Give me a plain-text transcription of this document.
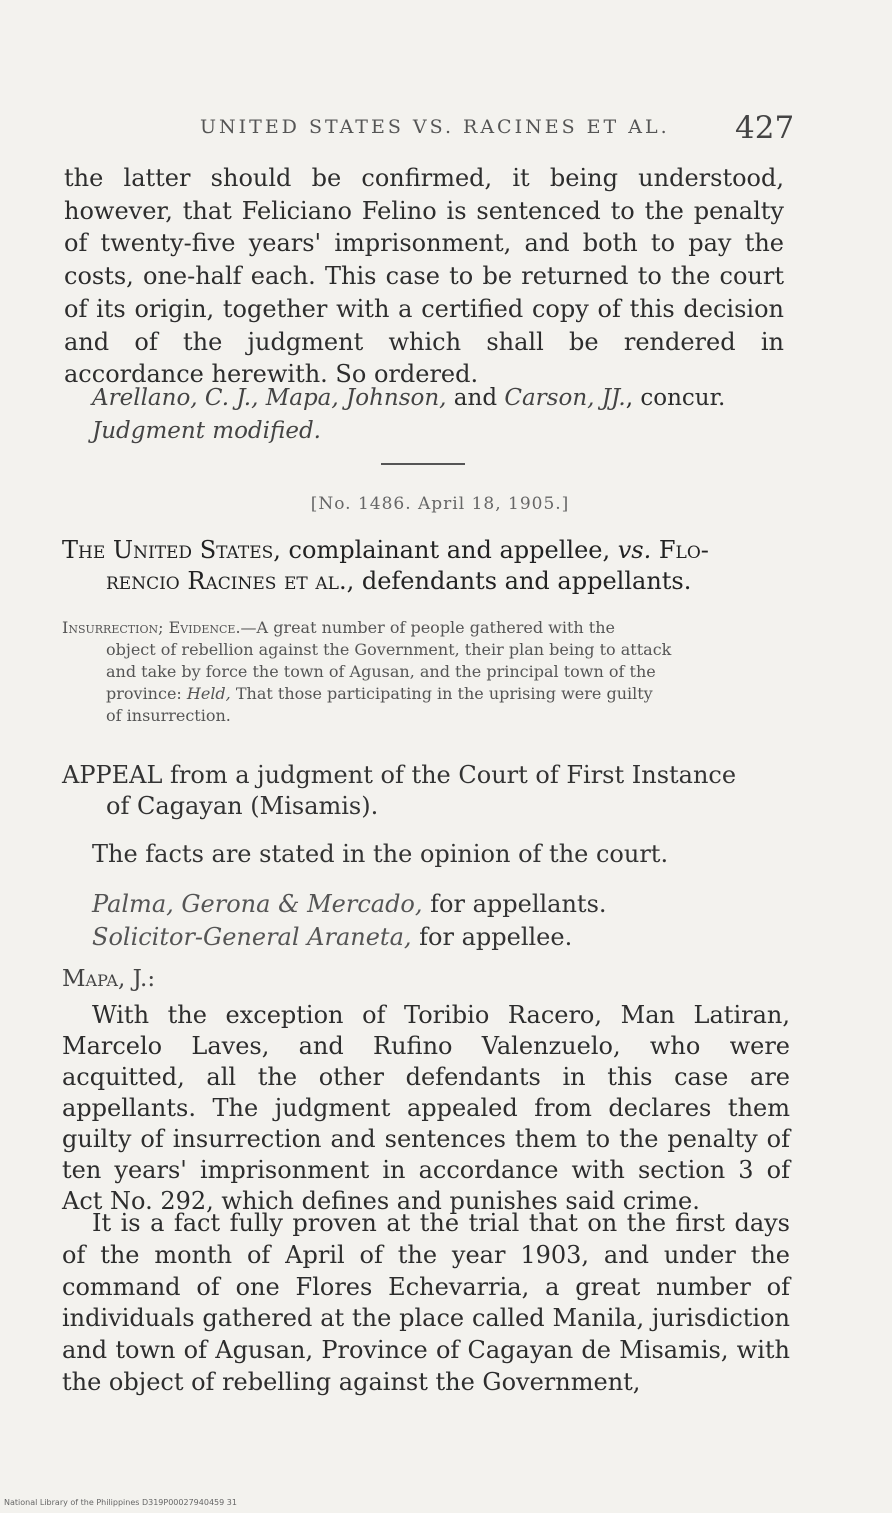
UNITED STATES VS. RACINES ET AL.	427
the latter should be confirmed, it being understood, however, that Feliciano Felino is sentenced to the penalty of twenty-five years' imprisonment, and both to pay the costs, one-half each. This case to be returned to the court of its origin, together with a certified copy of this decision and of the judgment which shall be rendered in accordance herewith. So ordered.
Arellano, C. J., Mapa, Johnson, and Carson, JJ., concur.
Judgment modified.
[No. 1486. April 18, 1905.]
The United States, complainant and appellee, vs. Flo-
rencio Racines et al., defendants and appellants.
Insurrection; Evidence.—A great number of people gathered with the
object of rebellion against the Government, their plan being to attack
and take by force the town of Agusan, and the principal town of the
province: Held, That those participating in the uprising were guilty
of insurrection.
APPEAL from a judgment of the Court of First Instance
of Cagayan (Misamis).
The facts are stated in the opinion of the court.
Palma, Gerona & Mercado, for appellants.
Solicitor-General Araneta, for appellee.
Mapa, J.:
With the exception of Toribio Racero, Man Latiran, Marcelo Laves, and Rufino Valenzuelo, who were acquitted, all the other defendants in this case are appellants. The judgment appealed from declares them guilty of insurrection and sentences them to the penalty of ten years' imprisonment in accordance with section 3 of Act No. 292, which defines and punishes said crime.
It is a fact fully proven at the trial that on the first days of the month of April of the year 1903, and under the command of one Flores Echevarria, a great number of individuals gathered at the place called Manila, jurisdiction and town of Agusan, Province of Cagayan de Misamis, with the object of rebelling against the Government,
National Library of the Philippines D319P00027940459 31
